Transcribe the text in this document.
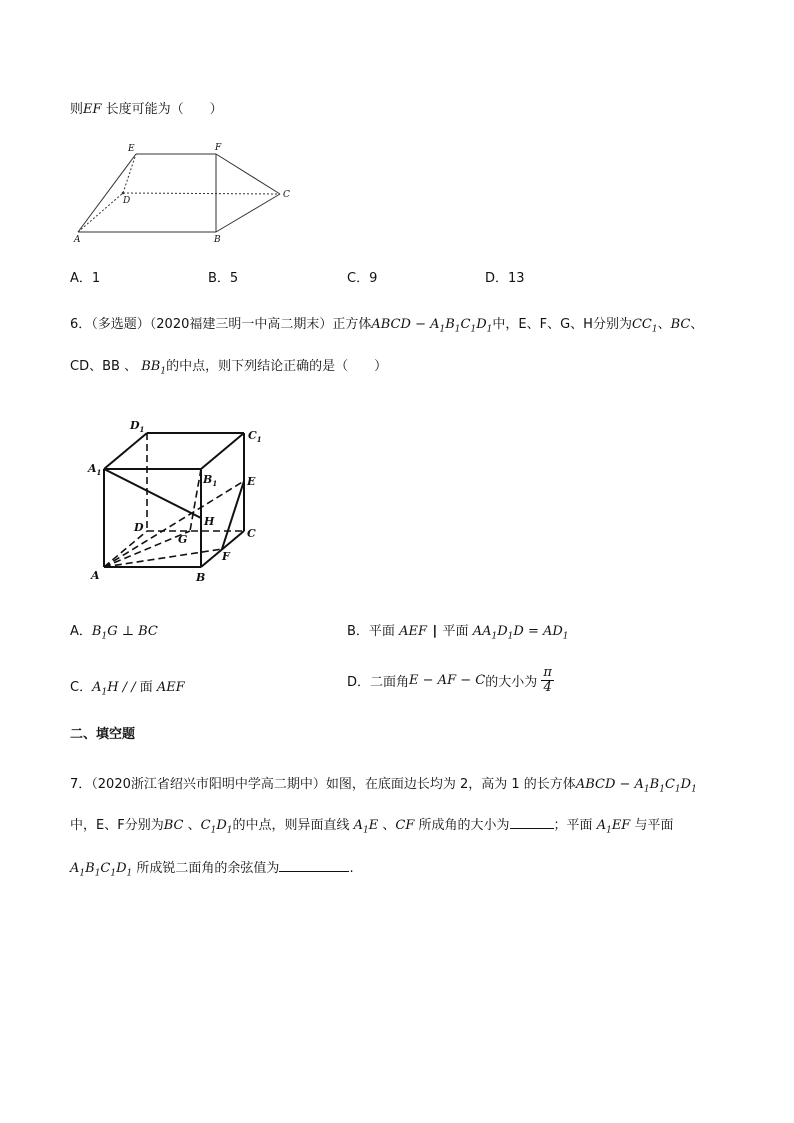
则EF 长度可能为（　　）
E	F
D
C
A	B
A．1	B．5	C．9	D．13
6．（多选题）（2020福建三明一中高二期末）正方体ABCD − $A_1B_1C_1D_1$中，E、F、G、H分别为$CC_1$、BC、
CD、BB 、 $BB_1$的中点，则下列结论正确的是（　　）
$D_1$	$C_1$
$A_1$
$B_1$	E
D	H
G	C
F
A	B
A．$B_1G$ ⊥ BC	B．平面 AEF ∣ 平面 $AA_1D_1D = AD_1$
C．$A_1H$ / / 面 AEF	D．二面角E − AF − C的大小为 $\frac{\pi}{4}$
二、填空题
7．（2020浙江省绍兴市阳明中学高二期中）如图，在底面边长均为 2，高为 1 的长方体ABCD − $A_1B_1C_1D_1$
中，E、F分别为BC 、$C_1D_1$的中点，则异面直线 $A_1E$ 、CF 所成角的大小为	；平面 $A_1EF$ 与平面
$A_1B_1C_1D_1$ 所成锐二面角的余弦值为	.
